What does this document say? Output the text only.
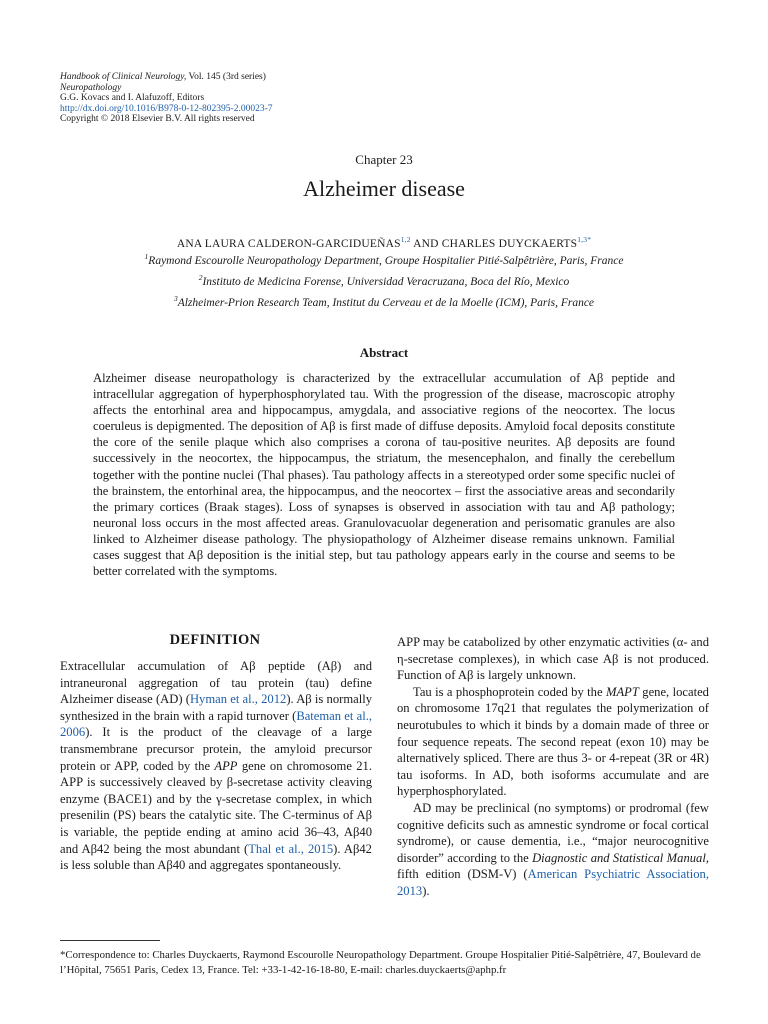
Handbook of Clinical Neurology, Vol. 145 (3rd series)
Neuropathology
G.G. Kovacs and I. Alafuzoff, Editors
http://dx.doi.org/10.1016/B978-0-12-802395-2.00023-7
Copyright © 2018 Elsevier B.V. All rights reserved
Chapter 23
Alzheimer disease
ANA LAURA CALDERON-GARCIDUEÑAS$^{1,2}$ AND CHARLES $DUYCKAERTS^{1,3*}$
$^1$Raymond Escourolle Neuropathology Department, Groupe Hospitalier Pitié-Salpêtrière, Paris, France
$^2$Instituto de Medicina Forense, Universidad Veracruzana, Boca del Río, Mexico
$^3$Alzheimer-Prion Research Team, Institut du Cerveau et de la Moelle (ICM), Paris, France
Abstract
Alzheimer disease neuropathology is characterized by the extracellular accumulation of Aβ peptide and intracellular aggregation of hyperphosphorylated tau. With the progression of the disease, macroscopic atrophy affects the entorhinal area and hippocampus, amygdala, and associative regions of the neocortex. The locus coeruleus is depigmented. The deposition of Aβ is first made of diffuse deposits. Amyloid focal deposits constitute the core of the senile plaque which also comprises a corona of tau-positive neurites. Aβ deposits are found successively in the neocortex, the hippocampus, the striatum, the mesencephalon, and finally the cerebellum together with the pontine nuclei (Thal phases). Tau pathology affects in a stereotyped order some specific nuclei of the brainstem, the entorhinal area, the hippocampus, and the neocortex – first the associative areas and secondarily the primary cortices (Braak stages). Loss of synapses is observed in association with tau and Aβ pathology; neuronal loss occurs in the most affected areas. Granulovacuolar degeneration and perisomatic granules are also linked to Alzheimer disease pathology. The physiopathology of Alzheimer disease remains unknown. Familial cases suggest that Aβ deposition is the initial step, but tau pathology appears early in the course and seems to be better correlated with the symptoms.
DEFINITION

Extracellular accumulation of Aβ peptide (Aβ) and intraneuronal aggregation of tau protein (tau) define Alzheimer disease (AD) (Hyman et al., 2012). Aβ is normally synthesized in the brain with a rapid turnover (Bateman et al., 2006). It is the product of the cleavage of a large transmembrane precursor protein, the amyloid precursor protein or APP, coded by the APP gene on chromosome 21. APP is successively cleaved by β-secretase activity cleaving enzyme (BACE1) and by the γ-secretase complex, in which presenilin (PS) bears the catalytic site. The C-terminus of Aβ is variable, the peptide ending at amino acid 36–43, Aβ40 and Aβ42 being the most abundant (Thal et al., 2015). Aβ42 is less soluble than Aβ40 and aggregates spontaneously.

APP may be catabolized by other enzymatic activities (α- and η-secretase complexes), in which case Aβ is not produced. Function of Aβ is largely unknown.

Tau is a phosphoprotein coded by the MAPT gene, located on chromosome 17q21 that regulates the polymerization of neurotubules to which it binds by a domain made of three or four sequence repeats. The second repeat (exon 10) may be alternatively spliced. There are thus 3- or 4-repeat (3R or 4R) tau isoforms. In AD, both isoforms accumulate and are hyperphosphorylated.

AD may be preclinical (no symptoms) or prodromal (few cognitive deficits such as amnestic syndrome or focal cortical syndrome), or cause dementia, i.e., “major neurocognitive disorder” according to the Diagnostic and Statistical Manual, fifth edition (DSM-V) (American Psychiatric Association, 2013).

*Correspondence to: Charles Duyckaerts, Raymond Escourolle Neuropathology Department. Groupe Hospitalier Pitié-Salpêtrière, 47, Boulevard de l’Hôpital, 75651 Paris, Cedex 13, France. Tel: +33-1-42-16-18-80, E-mail: charles.duyckaerts@aphp.fr
